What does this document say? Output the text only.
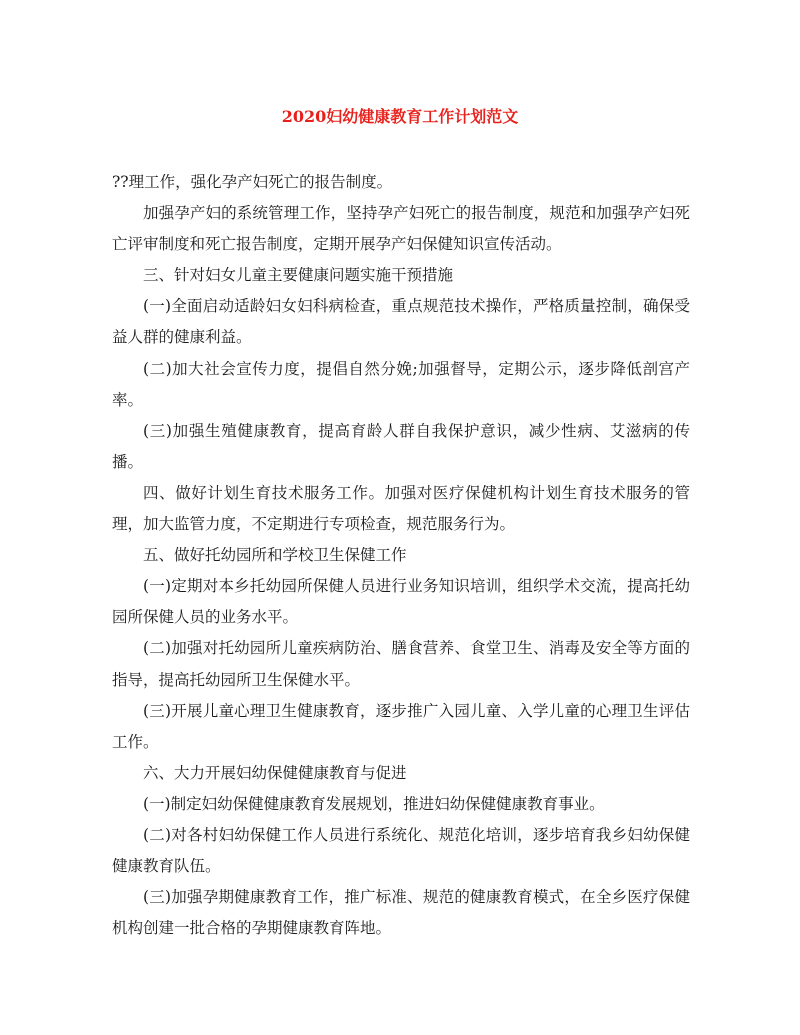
2020妇幼健康教育工作计划范文

??理工作，强化孕产妇死亡的报告制度。

加强孕产妇的系统管理工作，坚持孕产妇死亡的报告制度，规范和加强孕产妇死亡评审制度和死亡报告制度，定期开展孕产妇保健知识宣传活动。

三、针对妇女儿童主要健康问题实施干预措施

(一)全面启动适龄妇女妇科病检查，重点规范技术操作，严格质量控制，确保受益人群的健康利益。

(二)加大社会宣传力度，提倡自然分娩;加强督导，定期公示，逐步降低剖宫产率。

(三)加强生殖健康教育，提高育龄人群自我保护意识，减少性病、艾滋病的传播。

四、做好计划生育技术服务工作。加强对医疗保健机构计划生育技术服务的管理，加大监管力度，不定期进行专项检查，规范服务行为。

五、做好托幼园所和学校卫生保健工作

(一)定期对本乡托幼园所保健人员进行业务知识培训，组织学术交流，提高托幼园所保健人员的业务水平。

(二)加强对托幼园所儿童疾病防治、膳食营养、食堂卫生、消毒及安全等方面的指导，提高托幼园所卫生保健水平。

(三)开展儿童心理卫生健康教育，逐步推广入园儿童、入学儿童的心理卫生评估工作。

六、大力开展妇幼保健健康教育与促进

(一)制定妇幼保健健康教育发展规划，推进妇幼保健健康教育事业。

(二)对各村妇幼保健工作人员进行系统化、规范化培训，逐步培育我乡妇幼保健健康教育队伍。

(三)加强孕期健康教育工作，推广标准、规范的健康教育模式，在全乡医疗保健机构创建一批合格的孕期健康教育阵地。
